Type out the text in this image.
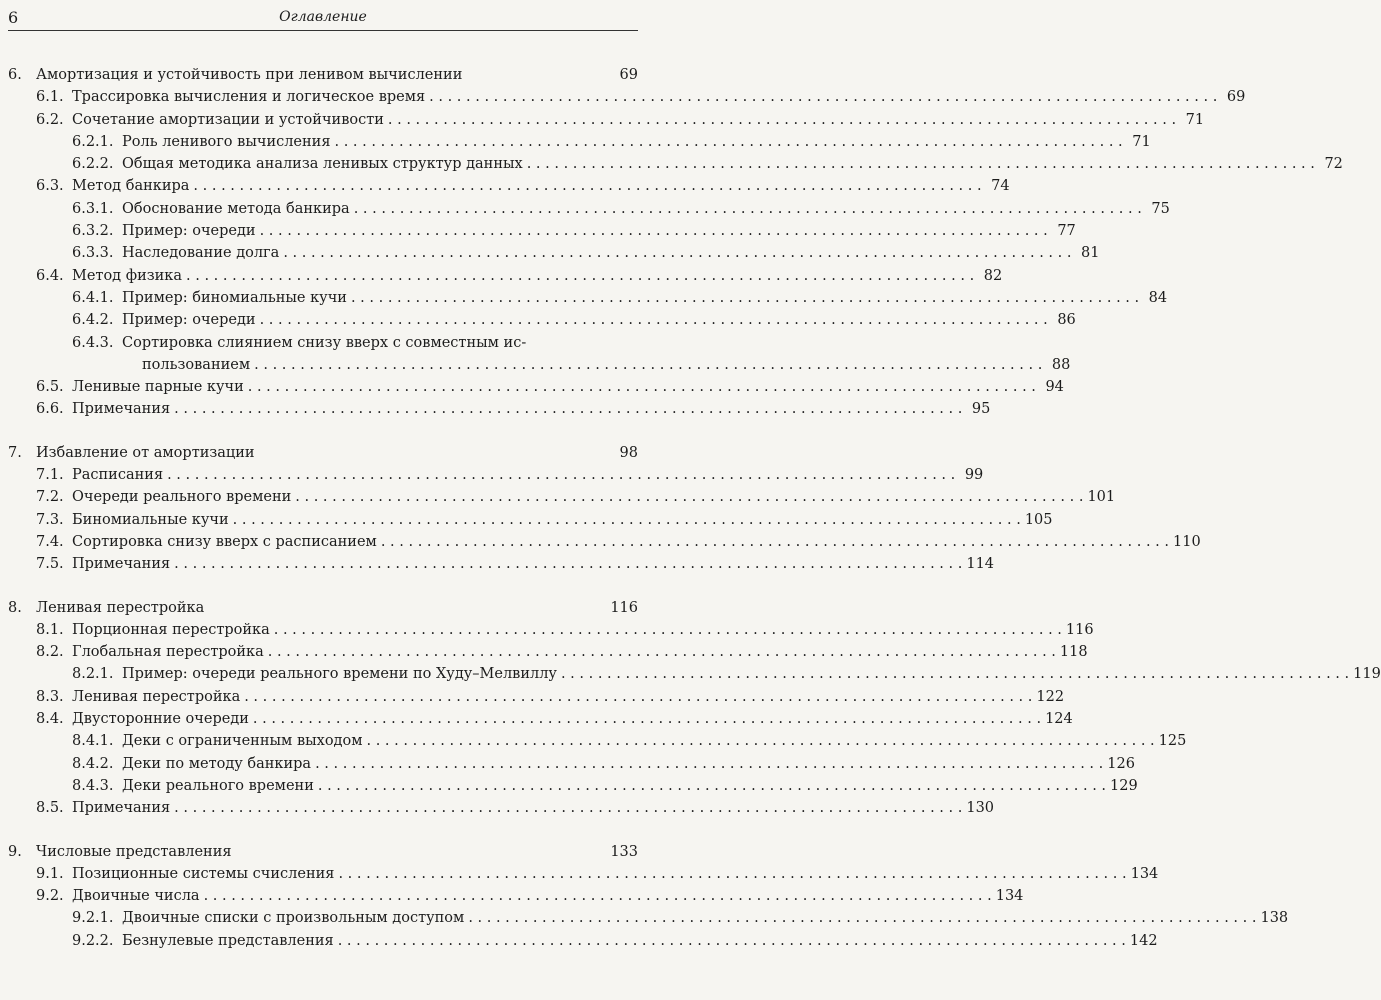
6	Оглавление
6. Амортизация и устойчивость при ленивом вычислении	69
6.1. Трассировка вычисления и логическое время . . .	69
6.2. Сочетание амортизации и устойчивости . . .	71
6.2.1. Роль ленивого вычисления . . .	71
6.2.2. Общая методика анализа ленивых структур данных . . .	72
6.3. Метод банкира . . .	74
6.3.1. Обоснование метода банкира . . .	75
6.3.2. Пример: очереди . . .	77
6.3.3. Наследование долга . . .	81
6.4. Метод физика . . .	82
6.4.1. Пример: биномиальные кучи . . .	84
6.4.2. Пример: очереди . . .	86
6.4.3. Сортировка слиянием снизу вверх с совместным ис-
пользованием . . .	88
6.5. Ленивые парные кучи . . .	94
6.6. Примечания . . .	95
7. Избавление от амортизации	98
7.1. Расписания . . .	99
7.2. Очереди реального времени . . .	101
7.3. Биномиальные кучи . . .	105
7.4. Сортировка снизу вверх с расписанием . . .	110
7.5. Примечания . . .	114
8. Ленивая перестройка	116
8.1. Порционная перестройка . . .	116
8.2. Глобальная перестройка . . .	118
8.2.1. Пример: очереди реального времени по Худу–Мелвиллу . . .	119
8.3. Ленивая перестройка . . .	122
8.4. Двусторонние очереди . . .	124
8.4.1. Деки с ограниченным выходом . . .	125
8.4.2. Деки по методу банкира . . .	126
8.4.3. Деки реального времени . . .	129
8.5. Примечания . . .	130
9. Числовые представления	133
9.1. Позиционные системы счисления . . .	134
9.2. Двоичные числа . . .	134
9.2.1. Двоичные списки с произвольным доступом . . .	138
9.2.2. Безнулевые представления . . .	142
